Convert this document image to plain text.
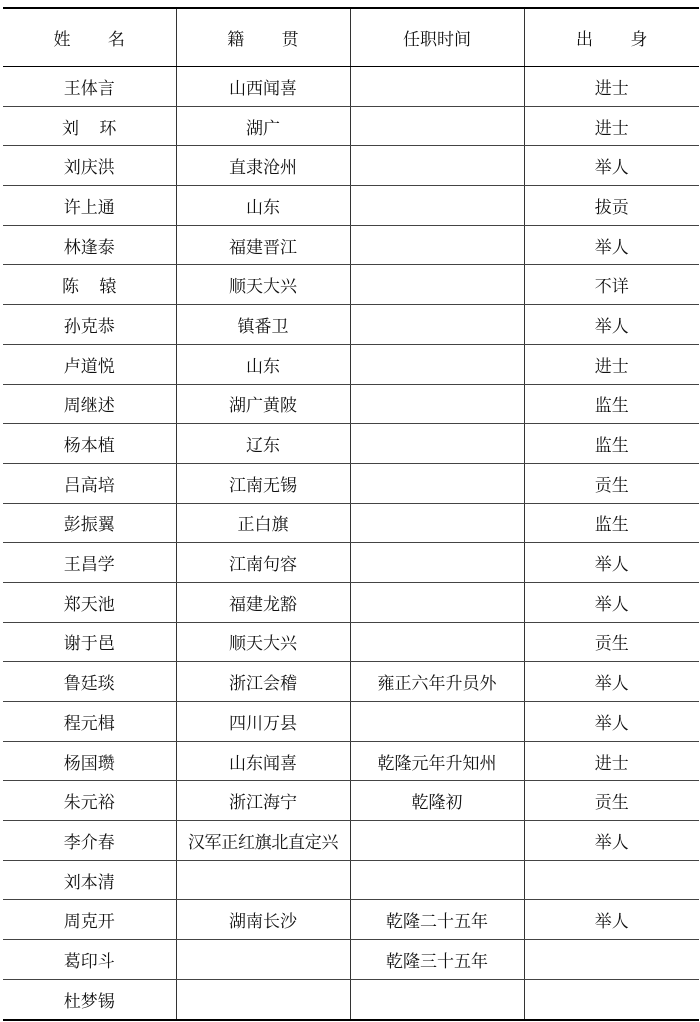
姓名	籍贯	任职时间	出身
王体言	山西闻喜		进士
刘环	湖广		进士
刘庆洪	直隶沧州		举人
许上通	山东		拔贡
林逢泰	福建晋江		举人
陈辕	顺天大兴		不详
孙克恭	镇番卫		举人
卢道悦	山东		进士
周继述	湖广黄陂		监生
杨本植	辽东		监生
吕高培	江南无锡		贡生
彭振翼	正白旗		监生
王昌学	江南句容		举人
郑天池	福建龙豁		举人
谢于邑	顺天大兴		贡生
鲁廷琰	浙江会稽	雍正六年升员外	举人
程元楫	四川万县		举人
杨国瓒	山东闻喜	乾隆元年升知州	进士
朱元裕	浙江海宁	乾隆初	贡生
李介春	汉军正红旗北直定兴		举人
刘本清			
周克开	湖南长沙	乾隆二十五年	举人
葛印斗		乾隆三十五年	
杜梦锡			
